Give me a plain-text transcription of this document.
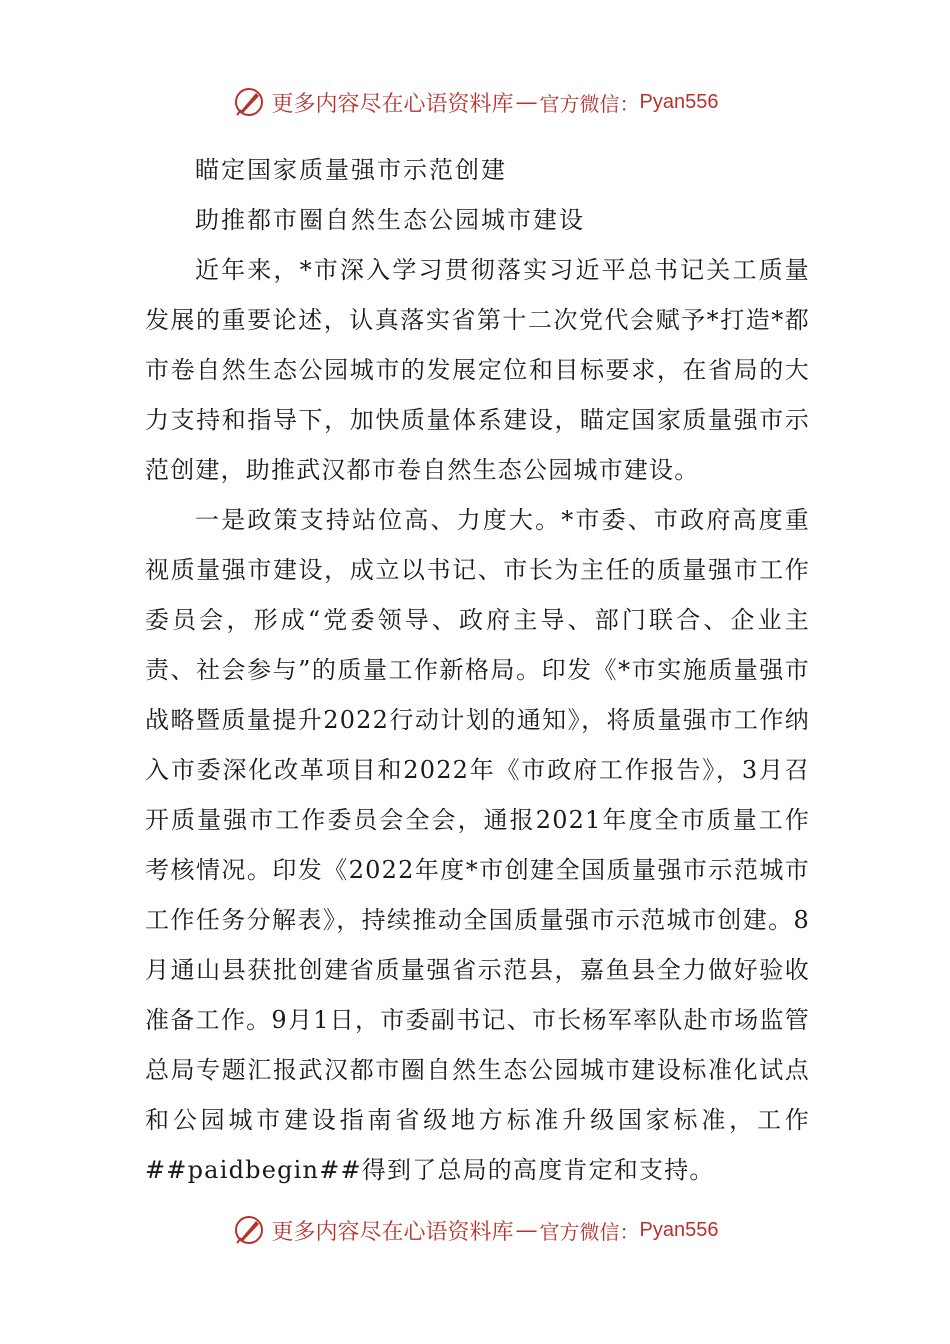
更多内容尽在心语资料库 — 官方微信： Pyan556
瞄定国家质量强市示范创建
助推都市圈自然生态公园城市建设

近年来，*市深入学习贯彻落实习近平总书记关工质量发展的重要论述，认真落实省第十二次党代会赋予*打造*都市卷自然生态公园城市的发展定位和目标要求，在省局的大力支持和指导下，加快质量体系建设，瞄定国家质量强市示范创建，助推武汉都市卷自然生态公园城市建设。

一是政策支持站位高、力度大。*市委、市政府高度重视质量强市建设，成立以书记、市长为主任的质量强市工作委员会，形成“党委领导、政府主导、部门联合、企业主责、社会参与”的质量工作新格局。印发《*市实施质量强市战略暨质量提升2022行动计划的通知》，将质量强市工作纳入市委深化改革项目和2022年《市政府工作报告》，3月召开质量强市工作委员会全会，通报2021年度全市质量工作考核情况。印发《2022年度*市创建全国质量强市示范城市工作任务分解表》，持续推动全国质量强市示范城市创建。8月通山县获批创建省质量强省示范县，嘉鱼县全力做好验收准备工作。9月1日，市委副书记、市长杨军率队赴市场监管总局专题汇报武汉都市圈自然生态公园城市建设标准化试点和公园城市建设指南省级地方标准升级国家标准，工作##paidbegin##得到了总局的高度肯定和支持。

更多内容尽在心语资料库 — 官方微信： Pyan556
